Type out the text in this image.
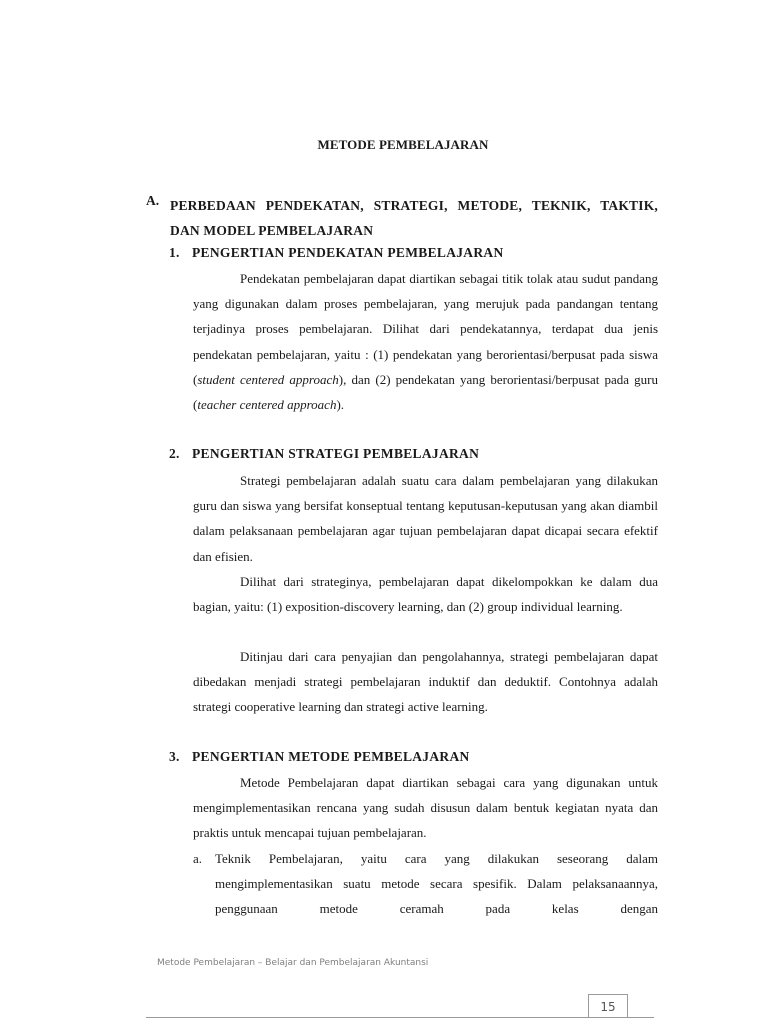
METODE PEMBELAJARAN
A. PERBEDAAN PENDEKATAN, STRATEGI, METODE, TEKNIK, TAKTIK, DAN MODEL PEMBELAJARAN
1. PENGERTIAN PENDEKATAN PEMBELAJARAN

Pendekatan pembelajaran dapat diartikan sebagai titik tolak atau sudut pandang yang digunakan dalam proses pembelajaran, yang merujuk pada pandangan tentang terjadinya proses pembelajaran. Dilihat dari pendekatannya, terdapat dua jenis pendekatan pembelajaran, yaitu : (1) pendekatan yang berorientasi/berpusat pada siswa (student centered approach), dan (2) pendekatan yang berorientasi/berpusat pada guru (teacher centered approach).

2. PENGERTIAN STRATEGI PEMBELAJARAN

Strategi pembelajaran adalah suatu cara dalam pembelajaran yang dilakukan guru dan siswa yang bersifat konseptual tentang keputusan-keputusan yang akan diambil dalam pelaksanaan pembelajaran agar tujuan pembelajaran dapat dicapai secara efektif dan efisien.

Dilihat dari strateginya, pembelajaran dapat dikelompokkan ke dalam dua bagian, yaitu: (1) exposition-discovery learning, dan (2) group individual learning.

Ditinjau dari cara penyajian dan pengolahannya, strategi pembelajaran dapat dibedakan menjadi strategi pembelajaran induktif dan deduktif. Contohnya adalah strategi cooperative learning dan strategi active learning.

3. PENGERTIAN METODE PEMBELAJARAN

Metode Pembelajaran dapat diartikan sebagai cara yang digunakan untuk mengimplementasikan rencana yang sudah disusun dalam bentuk kegiatan nyata dan praktis untuk mencapai tujuan pembelajaran.

a. Teknik Pembelajaran, yaitu cara yang dilakukan seseorang dalam mengimplementasikan suatu metode secara spesifik. Dalam pelaksanaannya, penggunaan metode ceramah pada kelas dengan
Metode Pembelajaran – Belajar dan Pembelajaran Akuntansi
15
